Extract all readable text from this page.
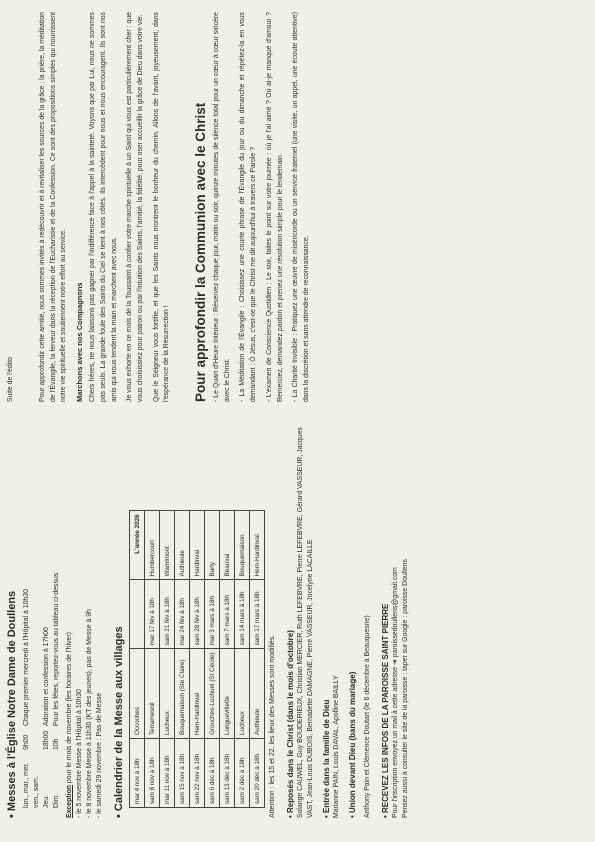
• Messes à l'Église Notre Dame de Doullens lun., mar., mer.
9h00
Chaque premier mercredi à l'Hôpital à 10h30
ven., sam. Jeu.
18h00
Adoration et confession à 17h00
Dim.
10h
Pour les fêtes, reportez-vous au tableau ci-dessus

Exception pour le mois de novembre (les horaires de l'hiver) - le 5 novembre Messe à l'Hôpital à 10h30 - le 8 novembre Messe à 11h30 (KT des jeunes), pas de Messe à 9h - le samedi 29 novembre : Pas de Messe • Calendrier de la Messe aux villages mar 4 nov à 18h	Occoches		L'année 2026
sam 8 nov à 18h	Terramesnil	mar 17 fév à 18h	Humbercourt
mar 11 nov à 18h	Lucheux	sam 21 fév à 18h	Warnimont
sam 15 nov à 18h	Bouquemaison (Ste Claire)	mar 24 fév à 18h	Authieule
sam 22 nov à 18h	Hem-Hardinval	sam 28 fév à 18h	Hardinval
sam 6 déc à 18h	Grouches-Luchuel (St Cécile)	mar 3 mars à 18h	Barly
sam 13 déc à 18h	Longuevillette	sam 7 mars à 18h	Beauval
sam 2 déc à 18h	Lucheux	sam 14 mars à 18h	Bouquemaison
sam 20 déc à 18h	Authieule	sam 17 mars à 18h	Hem-Hardinval
Attention : les 15 et 22, les lieux des Messes sont modifiés. • Reposés dans le Christ (dans le mois d'octobre) Solange CAUWEL, Guy BOUDERIEUX, Christian MERCIER, Ruth LEFEBVRE, Pierre LEFEBVRE, Gérard VASSEUR, Jacques VAST, Jean-Louis DUBOIS, Bernadette DAMAGNE, Pierre VASSEUR, Jocelyne LACAILLE • Entrée dans la famille de Dieu Marianne PAIN, Louis DAVAL, Apolline BAILLY • Union devant Dieu (bans du mariage) Anthony Pain et Clémence Doutart (le 6 décembre à Beauquesne) • RECEVEZ LES INFOS DE LA PAROISSE SAINT PIERRE Pour l'inscription envoyez un mail à cette adresse ➜ paroissedoullens@gmail.com Pensez aussi à consulter le site de la paroisse : taper sur Google : paroisse Doullens

Suite de l'édito	Pour approfondir cette amitié, nous sommes invités à redécouvrir et à revitaliser les sources de la grâce : la prière, la méditation de l'Évangile, la ferveur dans la réception de l'Eucharistie et de la Confession. Ce sont des propositions simples qui nourrissent notre vie spirituelle et soutiennent notre effort au service.	Marchons avec nos Compagnons Chers frères, ne nous laissons pas gagner par l'indifférence face à l'appel à la sainteté. Voyons que par Lui, nous ne sommes pas seuls. La grande foule des Saints du Ciel se tient à nos côtés. Ils intercèdent pour nous et nous encouragent. Ils sont nos amis qui nous tendent la main et marchent avec nous.	Je vous exhorte en ce mois de la Toussaint à confier votre marche spirituelle à un Saint qui vous est particulièrement cher : que vous choisissiez pour patron ou par l'intuition des Saints, l'amitié, la fidélité, pour oser accueillir la grâce de Dieu dans votre vie.	Que le Seigneur vous fortifie, et que les Saints nous montrent le bonheur du chemin. Allons de l'avant, joyeusement, dans l'espérance de la Résurrection ! Pour approfondir la Communion avec le Christ - Le Quart d'Heure Intérieur : Réservez chaque jour, matin ou soir, quinze minutes de silence total pour un cœur à cœur sincère avec le Christ.	- La Méditation de l'Évangile : Choisissez une courte phrase de l'Évangile du jour ou du dimanche et répétez-la en vous demandant : Ô Jésus, c'est-ce que le Christ me dit aujourd'hui à travers ce Parole ?	- L'examen de Conscience Quotidien : Le soir, faites le point sur votre journée : où je l'ai aimé ? Où ai-je manqué d'amour ? Remerciez, demandez pardon et prenez une résolution simple pour le lendemain.	- La Charité Invisible : Pratiquez une œuvre de miséricorde ou un service fraternel (une visite, un appel, une écoute attentive) dans la discrétion et sans attendre de reconnaissance.
